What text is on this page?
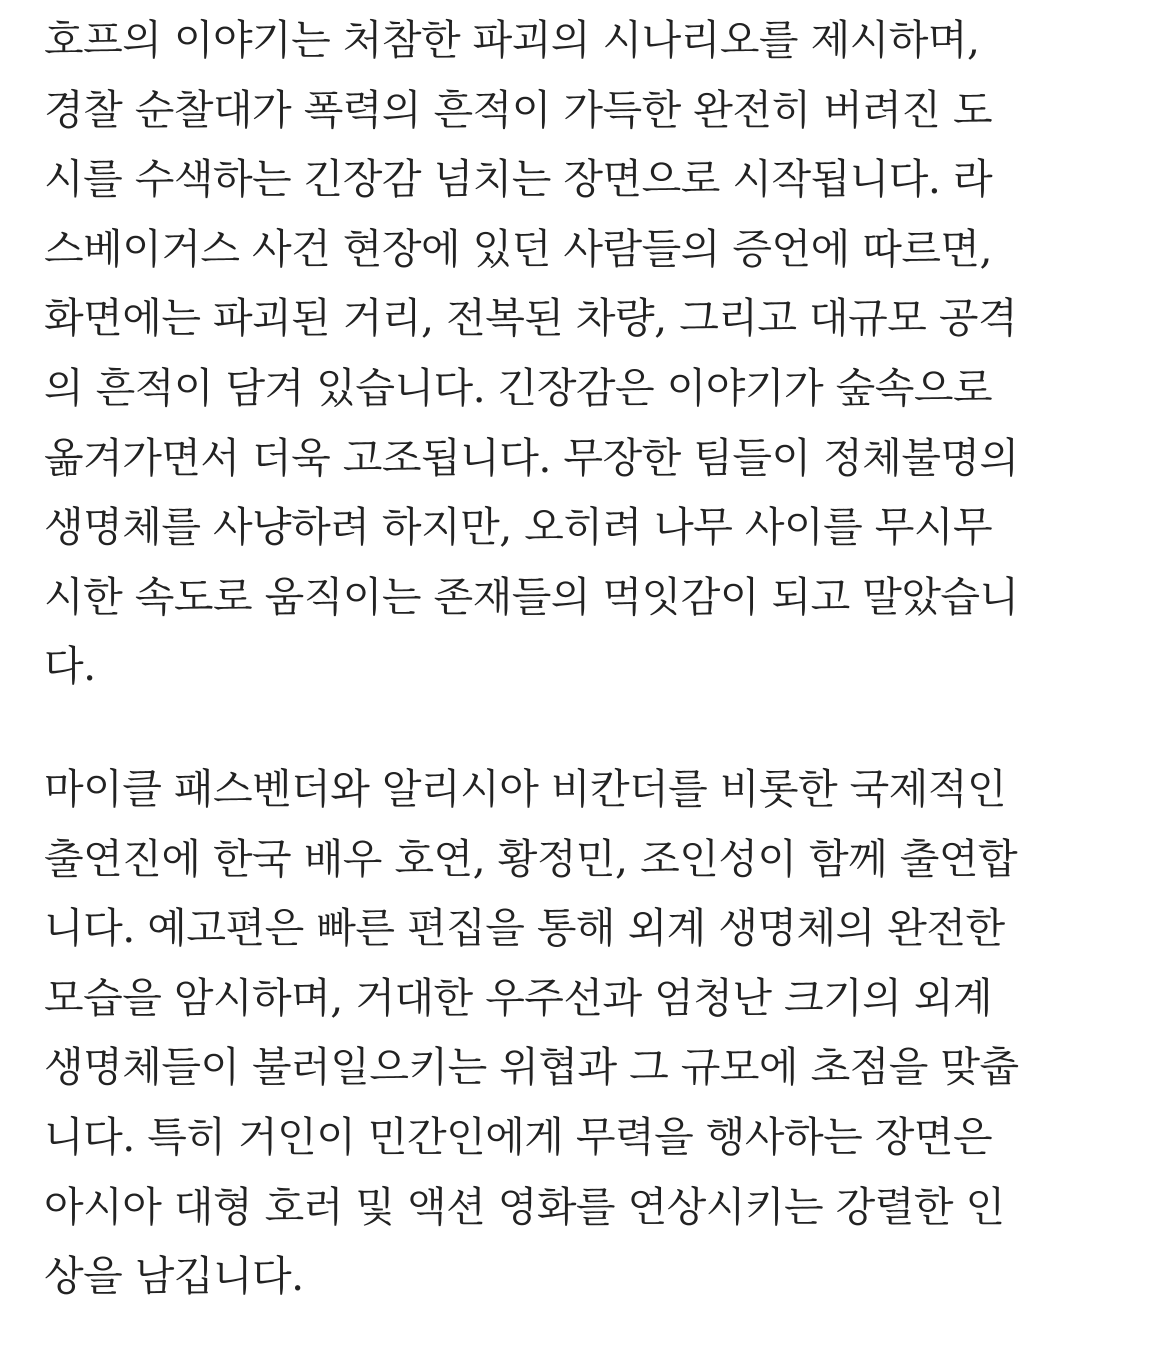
호프의 이야기는 처참한 파괴의 시나리오를 제시하며,
경찰 순찰대가 폭력의 흔적이 가득한 완전히 버려진 도
시를 수색하는 긴장감 넘치는 장면으로 시작됩니다. 라
스베이거스 사건 현장에 있던 사람들의 증언에 따르면,
화면에는 파괴된 거리, 전복된 차량, 그리고 대규모 공격
의 흔적이 담겨 있습니다. 긴장감은 이야기가 숲속으로
옮겨가면서 더욱 고조됩니다. 무장한 팀들이 정체불명의
생명체를 사냥하려 하지만, 오히려 나무 사이를 무시무
시한 속도로 움직이는 존재들의 먹잇감이 되고 말았습니
다.
마이클 패스벤더와 알리시아 비칸더를 비롯한 국제적인
출연진에 한국 배우 호연, 황정민, 조인성이 함께 출연합
니다. 예고편은 빠른 편집을 통해 외계 생명체의 완전한
모습을 암시하며, 거대한 우주선과 엄청난 크기의 외계
생명체들이 불러일으키는 위협과 그 규모에 초점을 맞춥
니다. 특히 거인이 민간인에게 무력을 행사하는 장면은
아시아 대형 호러 및 액션 영화를 연상시키는 강렬한 인
상을 남깁니다.
